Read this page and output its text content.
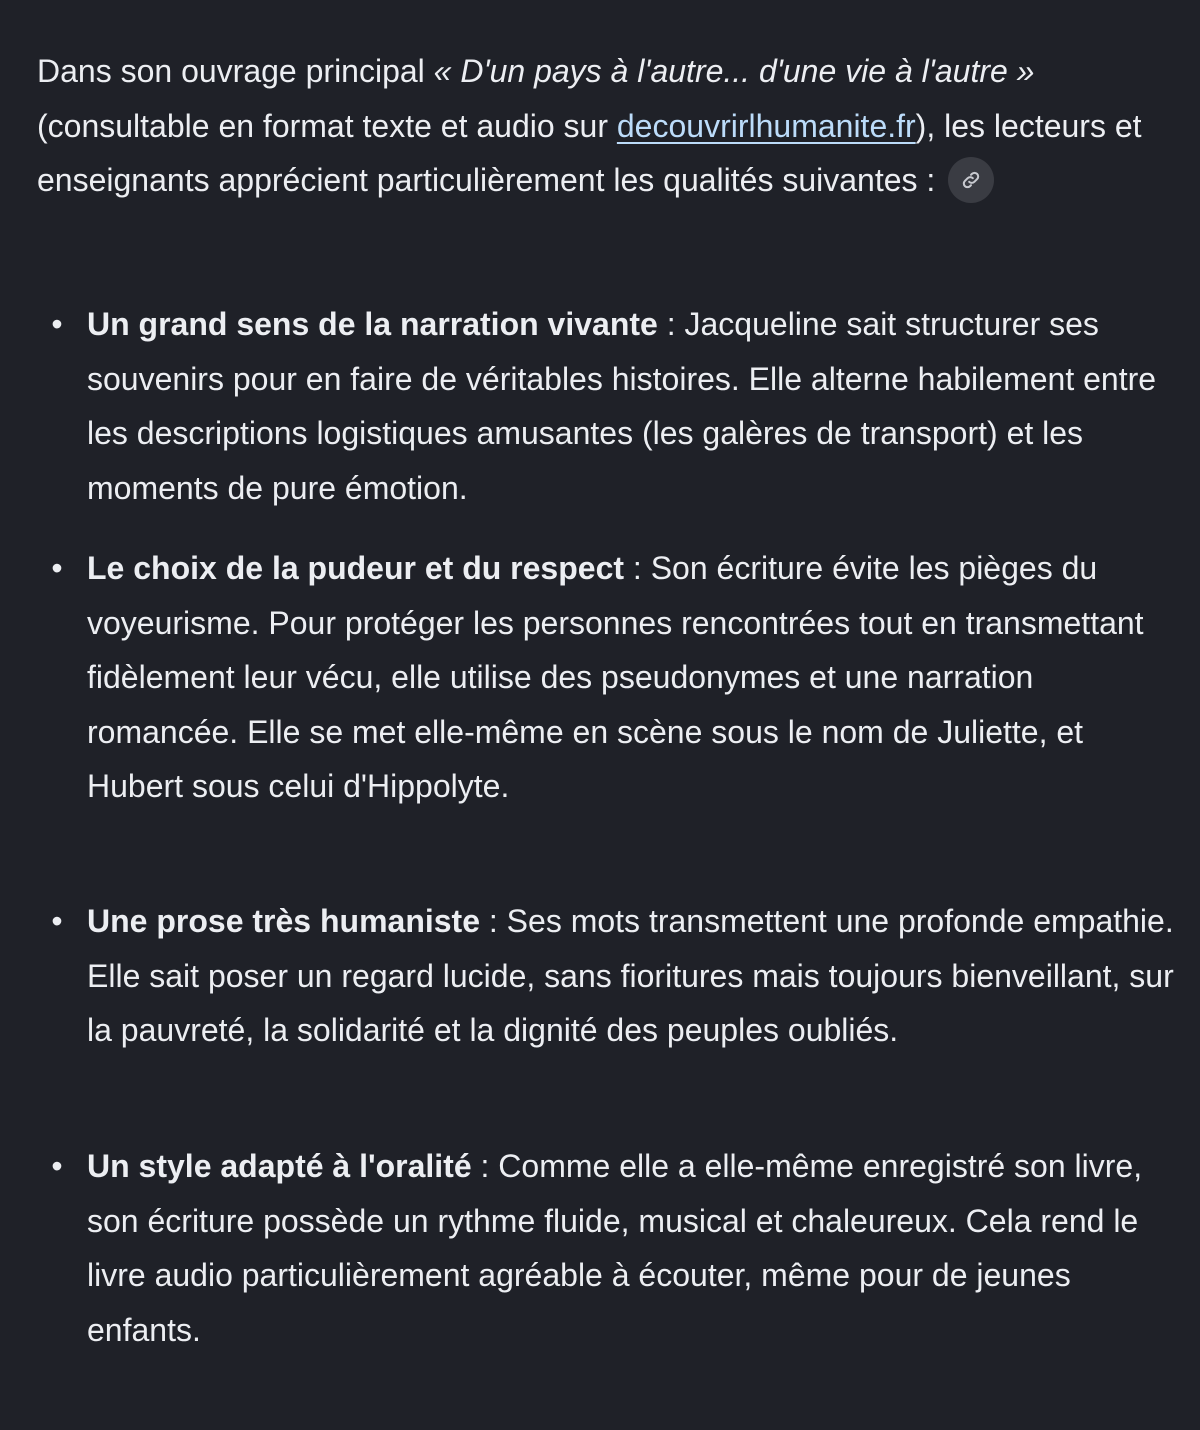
Dans son ouvrage principal « D'un pays à l'autre... d'une vie à l'autre » (consultable en format texte et audio sur decouvrirlhumanite.fr), les lecteurs et enseignants apprécient particulièrement les qualités suivantes :

• Un grand sens de la narration vivante : Jacqueline sait structurer ses souvenirs pour en faire de véritables histoires. Elle alterne habilement entre les descriptions logistiques amusantes (les galères de transport) et les moments de pure émotion.
• Le choix de la pudeur et du respect : Son écriture évite les pièges du voyeurisme. Pour protéger les personnes rencontrées tout en transmettant fidèlement leur vécu, elle utilise des pseudonymes et une narration romancée. Elle se met elle-même en scène sous le nom de Juliette, et Hubert sous celui d'Hippolyte.
• Une prose très humaniste : Ses mots transmettent une profonde empathie. Elle sait poser un regard lucide, sans fioritures mais toujours bienveillant, sur la pauvreté, la solidarité et la dignité des peuples oubliés.
• Un style adapté à l'oralité : Comme elle a elle-même enregistré son livre, son écriture possède un rythme fluide, musical et chaleureux. Cela rend le livre audio particulièrement agréable à écouter, même pour de jeunes enfants.
